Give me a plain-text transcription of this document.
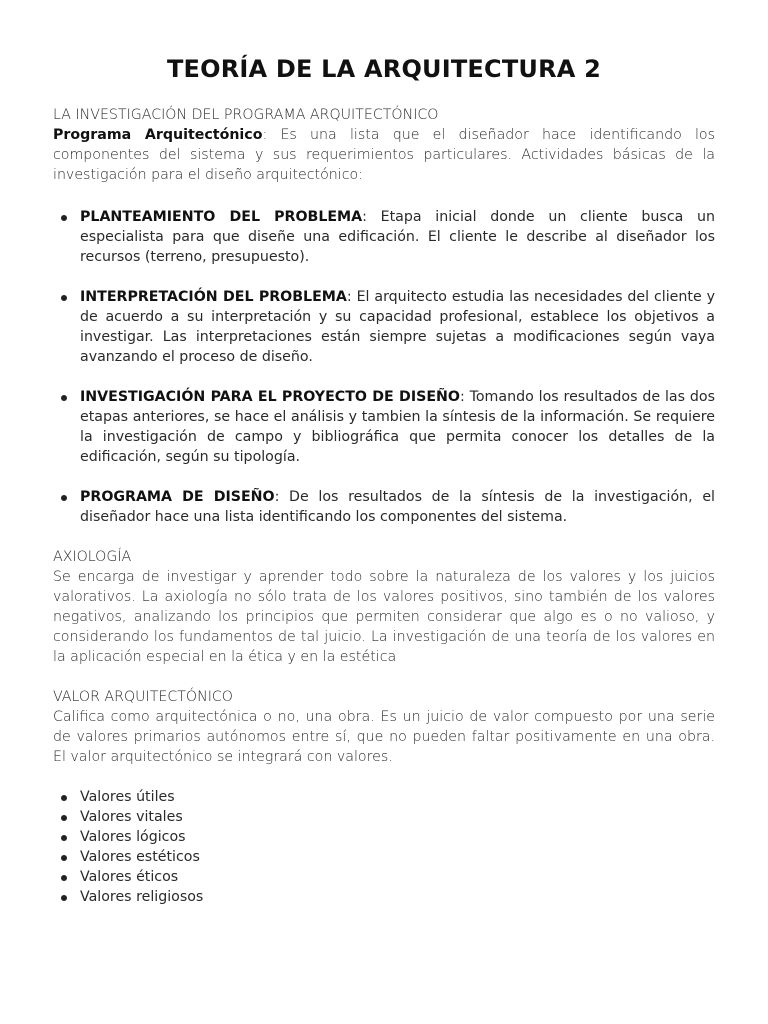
TEORÍA DE LA ARQUITECTURA 2

LA INVESTIGACIÓN DEL PROGRAMA ARQUITECTÓNICO

Programa Arquitectónico: Es una lista que el diseñador hace identificando los componentes del sistema y sus requerimientos particulares. Actividades básicas de la investigación para el diseño arquitectónico:

PLANTEAMIENTO DEL PROBLEMA: Etapa inicial donde un cliente busca un especialista para que diseñe una edificación. El cliente le describe al diseñador los recursos (terreno, presupuesto).
INTERPRETACIÓN DEL PROBLEMA: El arquitecto estudia las necesidades del cliente y de acuerdo a su interpretación y su capacidad profesional, establece los objetivos a investigar. Las interpretaciones están siempre sujetas a modificaciones según vaya avanzando el proceso de diseño.
INVESTIGACIÓN PARA EL PROYECTO DE DISEÑO: Tomando los resultados de las dos etapas anteriores, se hace el análisis y tambien la síntesis de la información. Se requiere la investigación de campo y bibliográfica que permita conocer los detalles de la edificación, según su tipología.
PROGRAMA DE DISEÑO: De los resultados de la síntesis de la investigación, el diseñador hace una lista identificando los componentes del sistema.

AXIOLOGÍA

Se encarga de investigar y aprender todo sobre la naturaleza de los valores y los juicios valorativos. La axiología no sólo trata de los valores positivos, sino también de los valores negativos, analizando los principios que permiten considerar que algo es o no valioso, y considerando los fundamentos de tal juicio. La investigación de una teoría de los valores en la aplicación especial en la ética y en la estética

VALOR ARQUITECTÓNICO

Califica como arquitectónica o no, una obra. Es un juicio de valor compuesto por una serie de valores primarios autónomos entre sí, que no pueden faltar positivamente en una obra. El valor arquitectónico se integrará con valores.

Valores útiles
Valores vitales
Valores lógicos
Valores estéticos
Valores éticos
Valores religiosos
